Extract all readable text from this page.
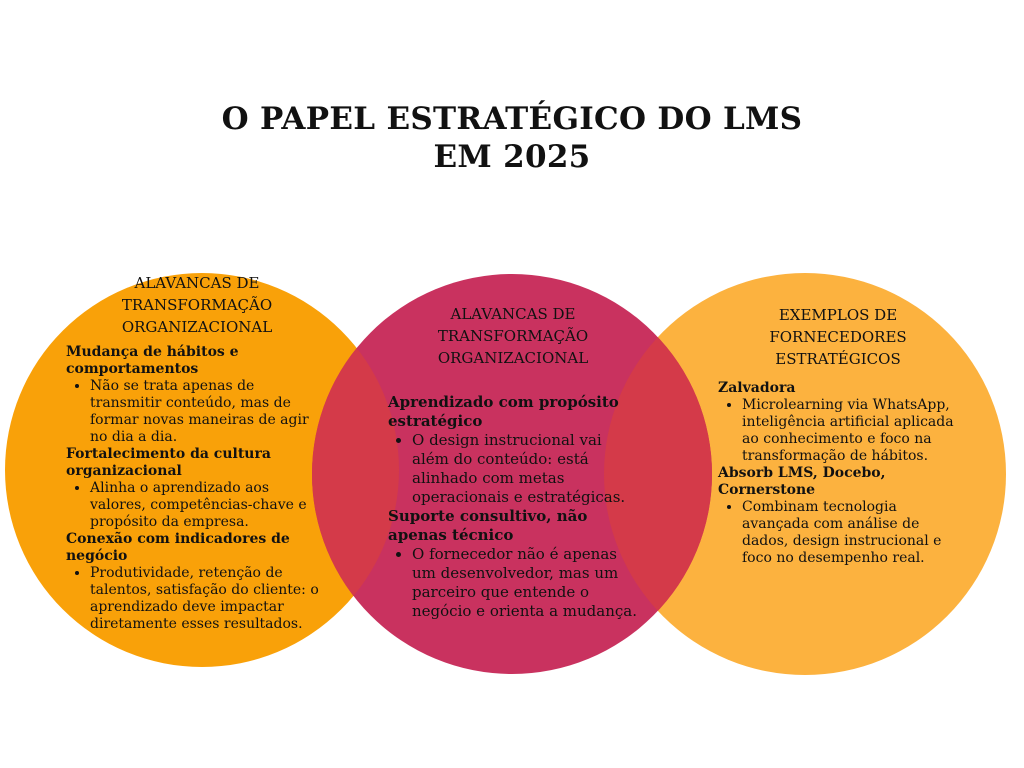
O PAPEL ESTRATÉGICO DO LMS
EM 2025
ALAVANCAS DE
TRANSFORMAÇÃO
ORGANIZACIONAL
Mudança de hábitos e comportamentos
• Não se trata apenas de transmitir conteúdo, mas de formar novas maneiras de agir no dia a dia.
Fortalecimento da cultura organizacional
• Alinha o aprendizado aos valores, competências-chave e propósito da empresa.
Conexão com indicadores de negócio
• Produtividade, retenção de talentos, satisfação do cliente: o aprendizado deve impactar diretamente esses resultados.
ALAVANCAS DE
TRANSFORMAÇÃO
ORGANIZACIONAL
Aprendizado com propósito estratégico
• O design instrucional vai além do conteúdo: está alinhado com metas operacionais e estratégicas.
Suporte consultivo, não apenas técnico
• O fornecedor não é apenas um desenvolvedor, mas um parceiro que entende o negócio e orienta a mudança.
EXEMPLOS DE
FORNECEDORES
ESTRATÉGICOS
Zalvadora
• Microlearning via WhatsApp, inteligência artificial aplicada ao conhecimento e foco na transformação de hábitos.
Absorb LMS, Docebo, Cornerstone
• Combinam tecnologia avançada com análise de dados, design instrucional e foco no desempenho real.
